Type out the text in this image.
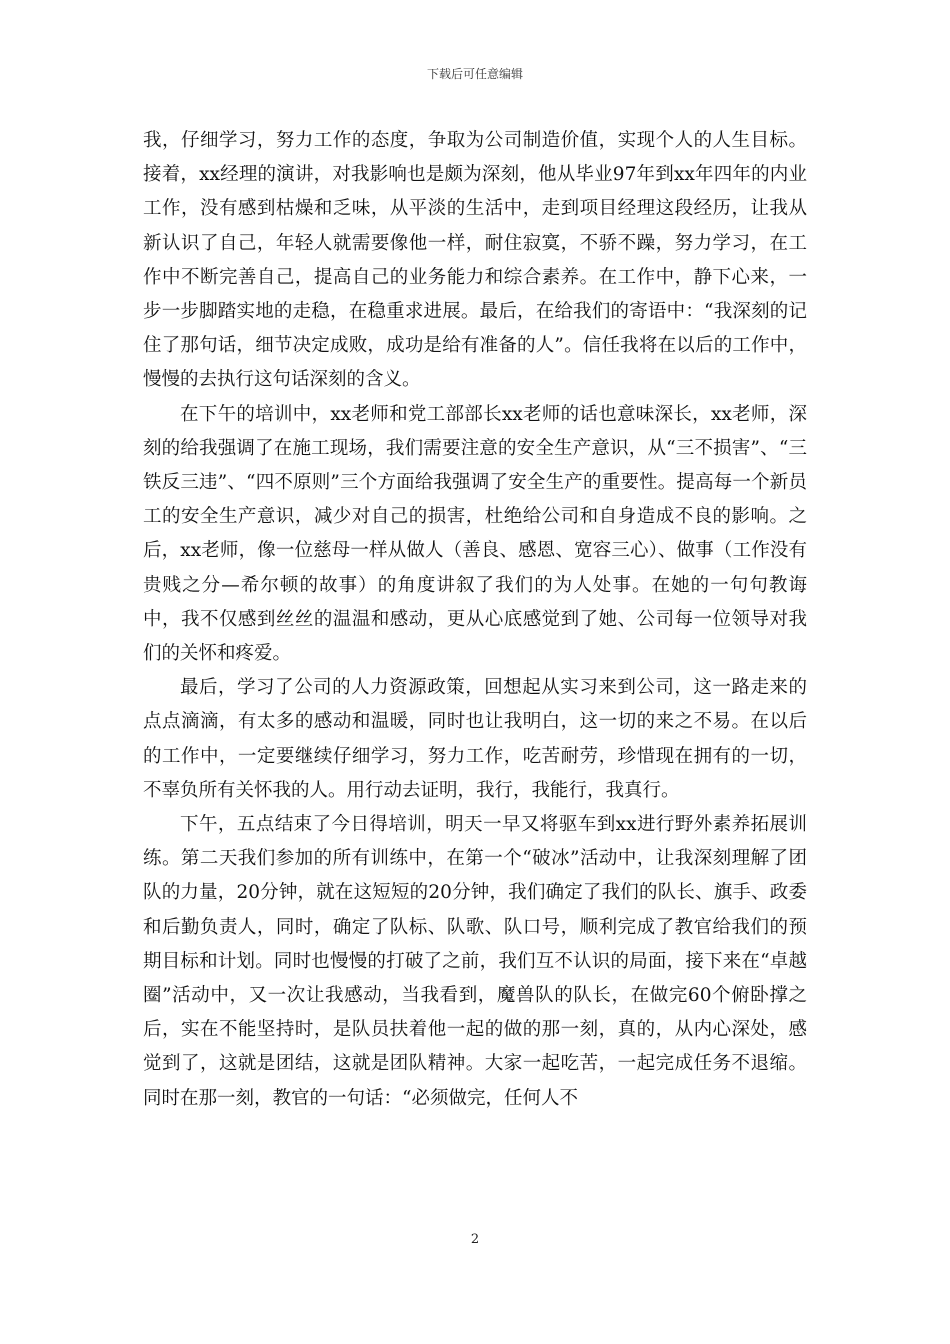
下载后可任意编辑

我，仔细学习，努力工作的态度，争取为公司制造价值，实现个人的人生目标。接着，xx经理的演讲，对我影响也是颇为深刻，他从毕业97年到xx年四年的内业工作，没有感到枯燥和乏味，从平淡的生活中，走到项目经理这段经历，让我从新认识了自己，年轻人就需要像他一样，耐住寂寞，不骄不躁，努力学习，在工作中不断完善自己，提高自己的业务能力和综合素养。在工作中，静下心来，一步一步脚踏实地的走稳，在稳重求进展。最后，在给我们的寄语中：“我深刻的记住了那句话，细节决定成败，成功是给有准备的人”。信任我将在以后的工作中，慢慢的去执行这句话深刻的含义。

在下午的培训中，xx老师和党工部部长xx老师的话也意味深长，xx老师，深刻的给我强调了在施工现场，我们需要注意的安全生产意识，从“三不损害”、“三铁反三违”、“四不原则”三个方面给我强调了安全生产的重要性。提高每一个新员工的安全生产意识，减少对自己的损害，杜绝给公司和自身造成不良的影响。之后，xx老师，像一位慈母一样从做人（善良、感恩、宽容三心）、做事（工作没有贵贱之分—希尔顿的故事）的角度讲叙了我们的为人处事。在她的一句句教诲中，我不仅感到丝丝的温温和感动，更从心底感觉到了她、公司每一位领导对我们的关怀和疼爱。

最后，学习了公司的人力资源政策，回想起从实习来到公司，这一路走来的点点滴滴，有太多的感动和温暖，同时也让我明白，这一切的来之不易。在以后的工作中，一定要继续仔细学习，努力工作，吃苦耐劳，珍惜现在拥有的一切，不辜负所有关怀我的人。用行动去证明，我行，我能行，我真行。

下午，五点结束了今日得培训，明天一早又将驱车到xx进行野外素养拓展训练。第二天我们参加的所有训练中，在第一个“破冰”活动中，让我深刻理解了团队的力量，20分钟，就在这短短的20分钟，我们确定了我们的队长、旗手、政委和后勤负责人，同时，确定了队标、队歌、队口号，顺利完成了教官给我们的预期目标和计划。同时也慢慢的打破了之前，我们互不认识的局面，接下来在“卓越圈”活动中，又一次让我感动，当我看到，魔兽队的队长，在做完60个俯卧撑之后，实在不能坚持时，是队员扶着他一起的做的那一刻，真的，从内心深处，感觉到了，这就是团结，这就是团队精神。大家一起吃苦，一起完成任务不退缩。同时在那一刻，教官的一句话：“必须做完，任何人不

2
